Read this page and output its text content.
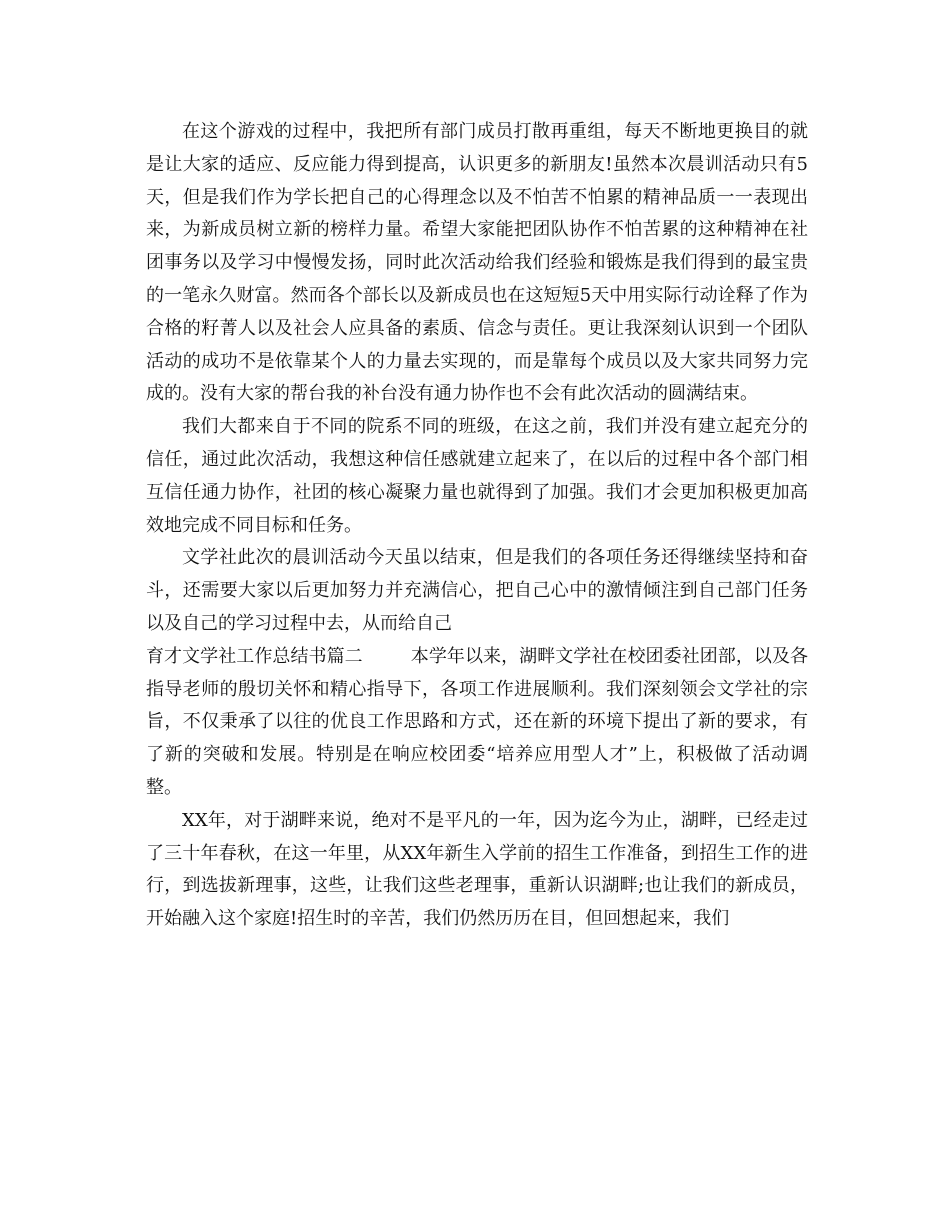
在这个游戏的过程中，我把所有部门成员打散再重组，每天不断地更换目的就是让大家的适应、反应能力得到提高，认识更多的新朋友!虽然本次晨训活动只有5天，但是我们作为学长把自己的心得理念以及不怕苦不怕累的精神品质一一表现出来，为新成员树立新的榜样力量。希望大家能把团队协作不怕苦累的这种精神在社团事务以及学习中慢慢发扬，同时此次活动给我们经验和锻炼是我们得到的最宝贵的一笔永久财富。然而各个部长以及新成员也在这短短5天中用实际行动诠释了作为合格的籽菁人以及社会人应具备的素质、信念与责任。更让我深刻认识到一个团队活动的成功不是依靠某个人的力量去实现的，而是靠每个成员以及大家共同努力完成的。没有大家的帮台我的补台没有通力协作也不会有此次活动的圆满结束。

我们大都来自于不同的院系不同的班级，在这之前，我们并没有建立起充分的信任，通过此次活动，我想这种信任感就建立起来了，在以后的过程中各个部门相互信任通力协作，社团的核心凝聚力量也就得到了加强。我们才会更加积极更加高效地完成不同目标和任务。

文学社此次的晨训活动今天虽以结束，但是我们的各项任务还得继续坚持和奋斗，还需要大家以后更加努力并充满信心，把自己心中的激情倾注到自己部门任务以及自己的学习过程中去，从而给自己

育才文学社工作总结书篇二	本学年以来，湖畔文学社在校团委社团部，以及各指导老师的殷切关怀和精心指导下，各项工作进展顺利。我们深刻领会文学社的宗旨，不仅秉承了以往的优良工作思路和方式，还在新的环境下提出了新的要求，有了新的突破和发展。特别是在响应校团委“培养应用型人才”上，积极做了活动调整。

XX年，对于湖畔来说，绝对不是平凡的一年，因为迄今为止，湖畔，已经走过了三十年春秋，在这一年里，从XX年新生入学前的招生工作准备，到招生工作的进行，到选拔新理事，这些，让我们这些老理事，重新认识湖畔;也让我们的新成员，开始融入这个家庭!招生时的辛苦，我们仍然历历在目，但回想起来，我们
